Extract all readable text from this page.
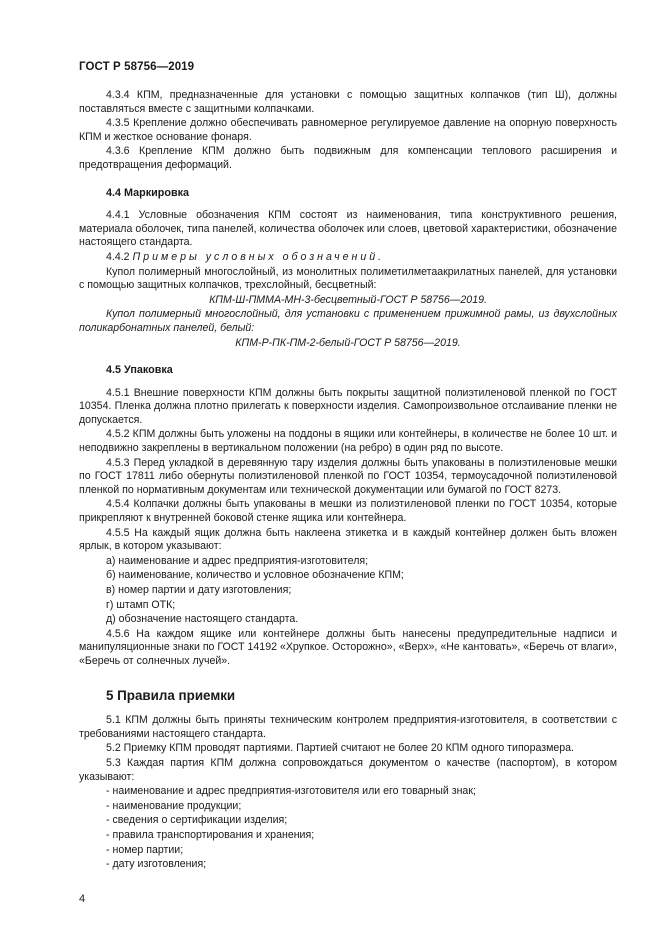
ГОСТ Р 58756—2019

4.3.4 КПМ, предназначенные для установки с помощью защитных колпачков (тип Ш), должны поставляться вместе с защитными колпачками.

4.3.5 Крепление должно обеспечивать равномерное регулируемое давление на опорную поверхность КПМ и жесткое основание фонаря.

4.3.6 Крепление КПМ должно быть подвижным для компенсации теплового расширения и предотвращения деформаций.

4.4 Маркировка

4.4.1 Условные обозначения КПМ состоят из наименования, типа конструктивного решения, материала оболочек, типа панелей, количества оболочек или слоев, цветовой характеристики, обозначение настоящего стандарта.

4.4.2 Примеры условных обозначений.

Купол полимерный многослойный, из монолитных полиметилметаакрилатных панелей, для установки с помощью защитных колпачков, трехслойный, бесцветный:

КПМ-Ш-ПММА-МН-3-бесцветный-ГОСТ Р 58756—2019.

Купол полимерный многослойный, для установки с применением прижимной рамы, из двухслойных поликарбонатных панелей, белый:

КПМ-Р-ПК-ПМ-2-белый-ГОСТ Р 58756—2019.

4.5 Упаковка

4.5.1 Внешние поверхности КПМ должны быть покрыты защитной полиэтиленовой пленкой по ГОСТ 10354. Пленка должна плотно прилегать к поверхности изделия. Самопроизвольное отслаивание пленки не допускается.

4.5.2 КПМ должны быть уложены на поддоны в ящики или контейнеры, в количестве не более 10 шт. и неподвижно закреплены в вертикальном положении (на ребро) в один ряд по высоте.

4.5.3 Перед укладкой в деревянную тару изделия должны быть упакованы в полиэтиленовые мешки по ГОСТ 17811 либо обернуты полиэтиленовой пленкой по ГОСТ 10354, термоусадочной полиэтиленовой пленкой по нормативным документам или технической документации или бумагой по ГОСТ 8273.

4.5.4 Колпачки должны быть упакованы в мешки из полиэтиленовой пленки по ГОСТ 10354, которые прикрепляют к внутренней боковой стенке ящика или контейнера.

4.5.5 На каждый ящик должна быть наклеена этикетка и в каждый контейнер должен быть вложен ярлык, в котором указывают:

а) наименование и адрес предприятия-изготовителя;
б) наименование, количество и условное обозначение КПМ;
в) номер партии и дату изготовления;
г) штамп ОТК;
д) обозначение настоящего стандарта.

4.5.6 На каждом ящике или контейнере должны быть нанесены предупредительные надписи и манипуляционные знаки по ГОСТ 14192 «Хрупкое. Осторожно», «Верх», «Не кантовать», «Беречь от влаги», «Беречь от солнечных лучей».

5 Правила приемки

5.1 КПМ должны быть приняты техническим контролем предприятия-изготовителя, в соответствии с требованиями настоящего стандарта.

5.2 Приемку КПМ проводят партиями. Партией считают не более 20 КПМ одного типоразмера.

5.3 Каждая партия КПМ должна сопровождаться документом о качестве (паспортом), в котором указывают:

- наименование и адрес предприятия-изготовителя или его товарный знак;
- наименование продукции;
- сведения о сертификации изделия;
- правила транспортирования и хранения;
- номер партии;
- дату изготовления;
4
